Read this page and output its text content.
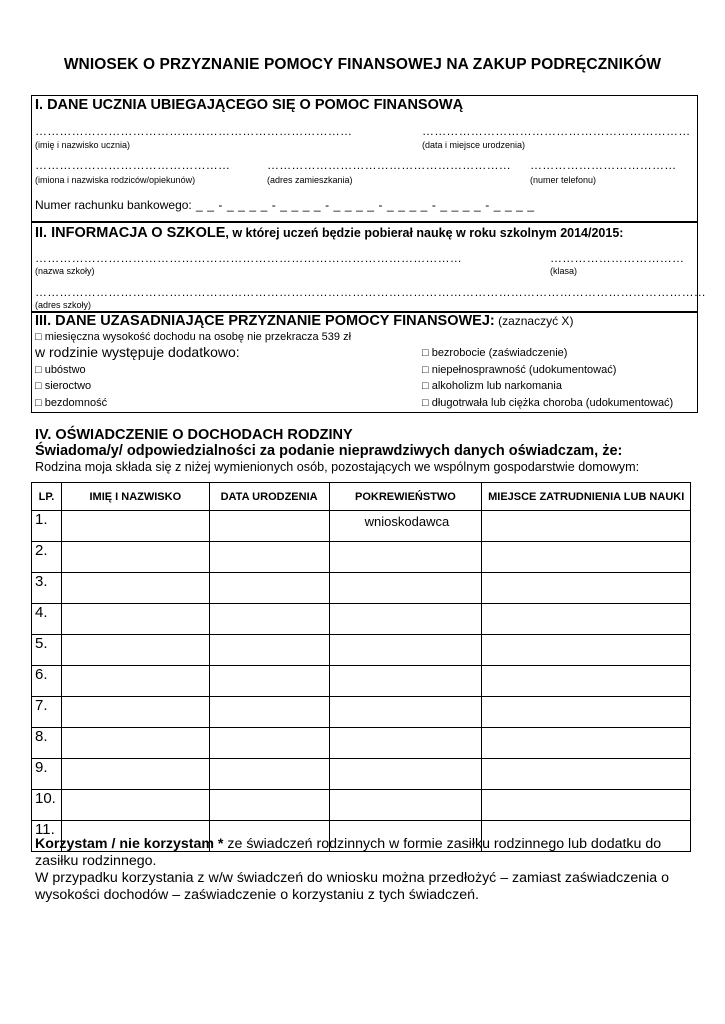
WNIOSEK O PRZYZNANIE POMOCY FINANSOWEJ NA ZAKUP PODRĘCZNIKÓW
I. DANE UCZNIA UBIEGAJĄCEGO SIĘ O POMOC FINANSOWĄ
……………………………………………………………………
(imię i nazwisko ucznia)
…………………………………………………………
(data i miejsce urodzenia)
…………………………………………
(imiona i nazwiska rodziców/opiekunów)
……………………………………………………
(adres zamieszkania)
………………………………
(numer telefonu)
Numer rachunku bankowego: _ _ - _ _ _ _ - _ _ _ _ - _ _ _ _ - _ _ _ _ - _ _ _ _ - _ _ _ _
II. INFORMACJA O SZKOLE, w której uczeń będzie pobierał naukę w roku szkolnym 2014/2015:
……………………………………………………………………………………………
(nazwa szkoły)
……………………………
(klasa)
…………………………………………………………………………………………………………………………………………………
(adres szkoły)
III. DANE UZASADNIAJĄCE PRZYZNANIE POMOCY FINANSOWEJ: (zaznaczyć X)
□ miesięczna wysokość dochodu na osobę nie przekracza 539 zł
w rodzinie występuje dodatkowo:
□ ubóstwo
□ sieroctwo
□ bezdomność
□ bezrobocie (zaświadczenie)
□ niepełnosprawność (udokumentować)
□ alkoholizm lub narkomania
□ długotrwała lub ciężka choroba (udokumentować)
IV. OŚWIADCZENIE O DOCHODACH RODZINY
Świadoma/y/ odpowiedzialności za podanie nieprawdziwych danych oświadczam, że:
Rodzina moja składa się z niżej wymienionych osób, pozostających we wspólnym gospodarstwie domowym:
LP.	IMIĘ I NAZWISKO	DATA URODZENIA	POKREWIEŃSTWO	MIEJSCE ZATRUDNIENIA LUB NAUKI
1.			wnioskodawca	
2.				
3.				
4.				
5.				
6.				
7.				
8.				
9.				
10.				
11.				
Korzystam / nie korzystam * ze świadczeń rodzinnych w formie zasiłku rodzinnego lub dodatku do zasiłku rodzinnego.
W przypadku korzystania z w/w świadczeń do wniosku można przedłożyć – zamiast zaświadczenia o wysokości dochodów – zaświadczenie o korzystaniu z tych świadczeń.
